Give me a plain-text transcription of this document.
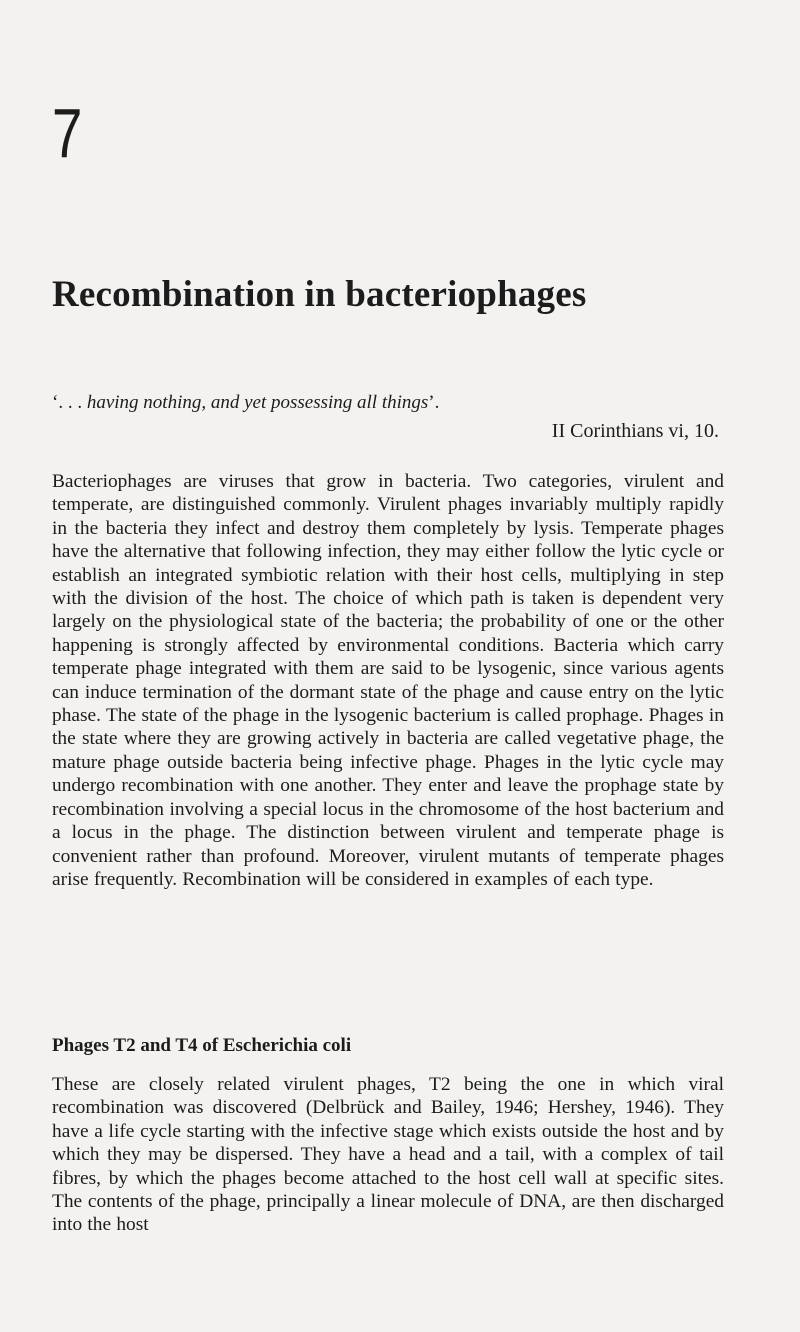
7
Recombination in bacteriophages

‘. . . having nothing, and yet possessing all things’.

II Corinthians vi, 10.

Bacteriophages are viruses that grow in bacteria. Two categories, virulent and temperate, are distinguished commonly. Virulent phages invariably multiply rapidly in the bacteria they infect and destroy them completely by lysis. Temperate phages have the alternative that following infection, they may either follow the lytic cycle or establish an integrated symbiotic relation with their host cells, multiplying in step with the division of the host. The choice of which path is taken is dependent very largely on the physiological state of the bacteria; the probability of one or the other happening is strongly affected by environmental conditions. Bacteria which carry temperate phage integrated with them are said to be lysogenic, since various agents can induce termination of the dormant state of the phage and cause entry on the lytic phase. The state of the phage in the lysogenic bacterium is called prophage. Phages in the state where they are growing actively in bacteria are called vegetative phage, the mature phage outside bacteria being infective phage. Phages in the lytic cycle may undergo recombination with one another. They enter and leave the prophage state by recombination involving a special locus in the chromosome of the host bacterium and a locus in the phage. The distinction between virulent and temperate phage is convenient rather than profound. Moreover, virulent mutants of temperate phages arise frequently. Recombination will be considered in examples of each type.

Phages T2 and T4 of Escherichia coli

These are closely related virulent phages, T2 being the one in which viral recombination was discovered (Delbrück and Bailey, 1946; Hershey, 1946). They have a life cycle starting with the infective stage which exists outside the host and by which they may be dispersed. They have a head and a tail, with a complex of tail fibres, by which the phages become attached to the host cell wall at specific sites. The contents of the phage, principally a linear molecule of DNA, are then discharged into the host
